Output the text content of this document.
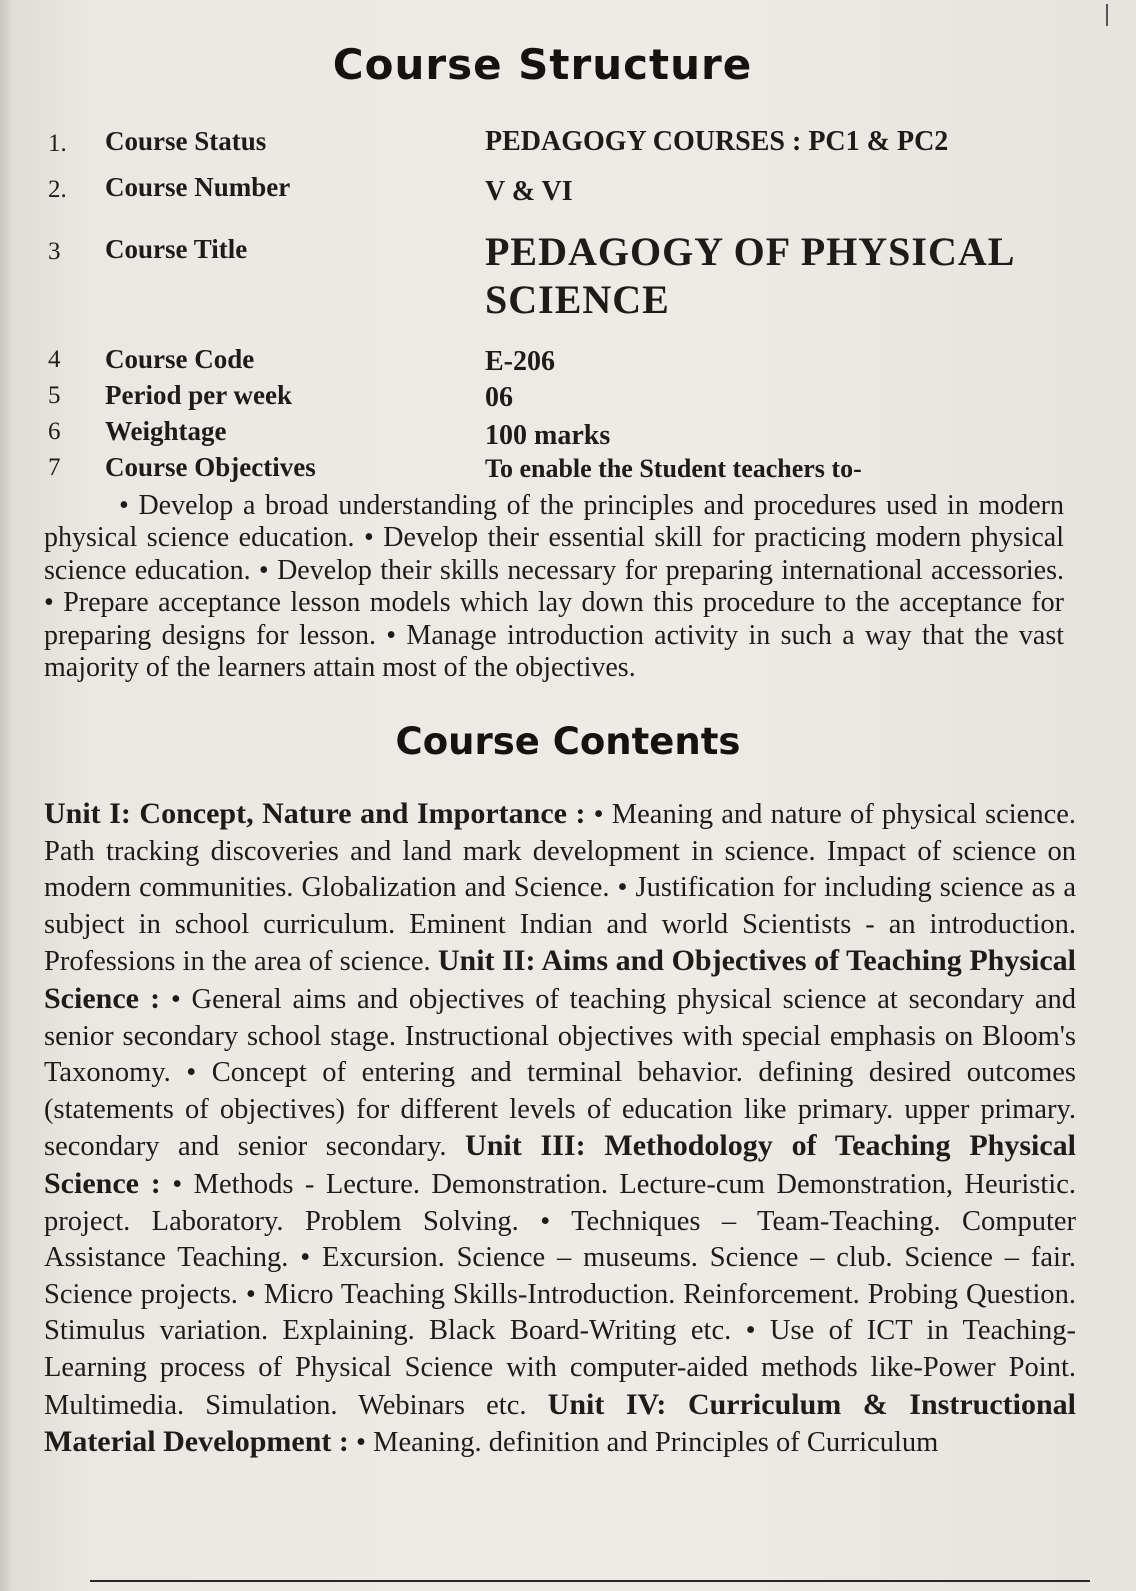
Course Structure
1. Course Status	PEDAGOGY COURSES : PC1 & PC2
2. Course Number	V & VI
3 Course Title	PEDAGOGY OF PHYSICAL
SCIENCE
4 Course Code	E-206
5 Period per week	06
6 Weightage	100 marks
7 Course Objectives	To enable the Student teachers to-
• Develop a broad understanding of the principles and procedures used in modern physical science education. • Develop their essential skill for practicing modern physical science education. • Develop their skills necessary for preparing international accessories. • Prepare acceptance lesson models which lay down this procedure to the acceptance for preparing designs for lesson. • Manage introduction activity in such a way that the vast majority of the learners attain most of the objectives.
Course Contents
Unit I: Concept, Nature and Importance : • Meaning and nature of physical science. Path tracking discoveries and land mark development in science. Impact of science on modern communities. Globalization and Science. • Justification for including science as a subject in school curriculum. Eminent Indian and world Scientists - an introduction. Professions in the area of science. Unit II: Aims and Objectives of Teaching Physical Science : • General aims and objectives of teaching physical science at secondary and senior secondary school stage. Instructional objectives with special emphasis on Bloom's Taxonomy. • Concept of entering and terminal behavior. defining desired outcomes (statements of objectives) for different levels of education like primary. upper primary. secondary and senior secondary. Unit III: Methodology of Teaching Physical Science : • Methods - Lecture. Demonstration. Lecture-cum Demonstration, Heuristic. project. Laboratory. Problem Solving. • Techniques – Team-Teaching. Computer Assistance Teaching. • Excursion. Science – museums. Science – club. Science – fair. Science projects. • Micro Teaching Skills-Introduction. Reinforcement. Probing Question. Stimulus variation. Explaining. Black Board-Writing etc. • Use of ICT in Teaching-Learning process of Physical Science with computer-aided methods like-Power Point. Multimedia. Simulation. Webinars etc. Unit IV: Curriculum & Instructional Material Development : • Meaning. definition and Principles of Curriculum
